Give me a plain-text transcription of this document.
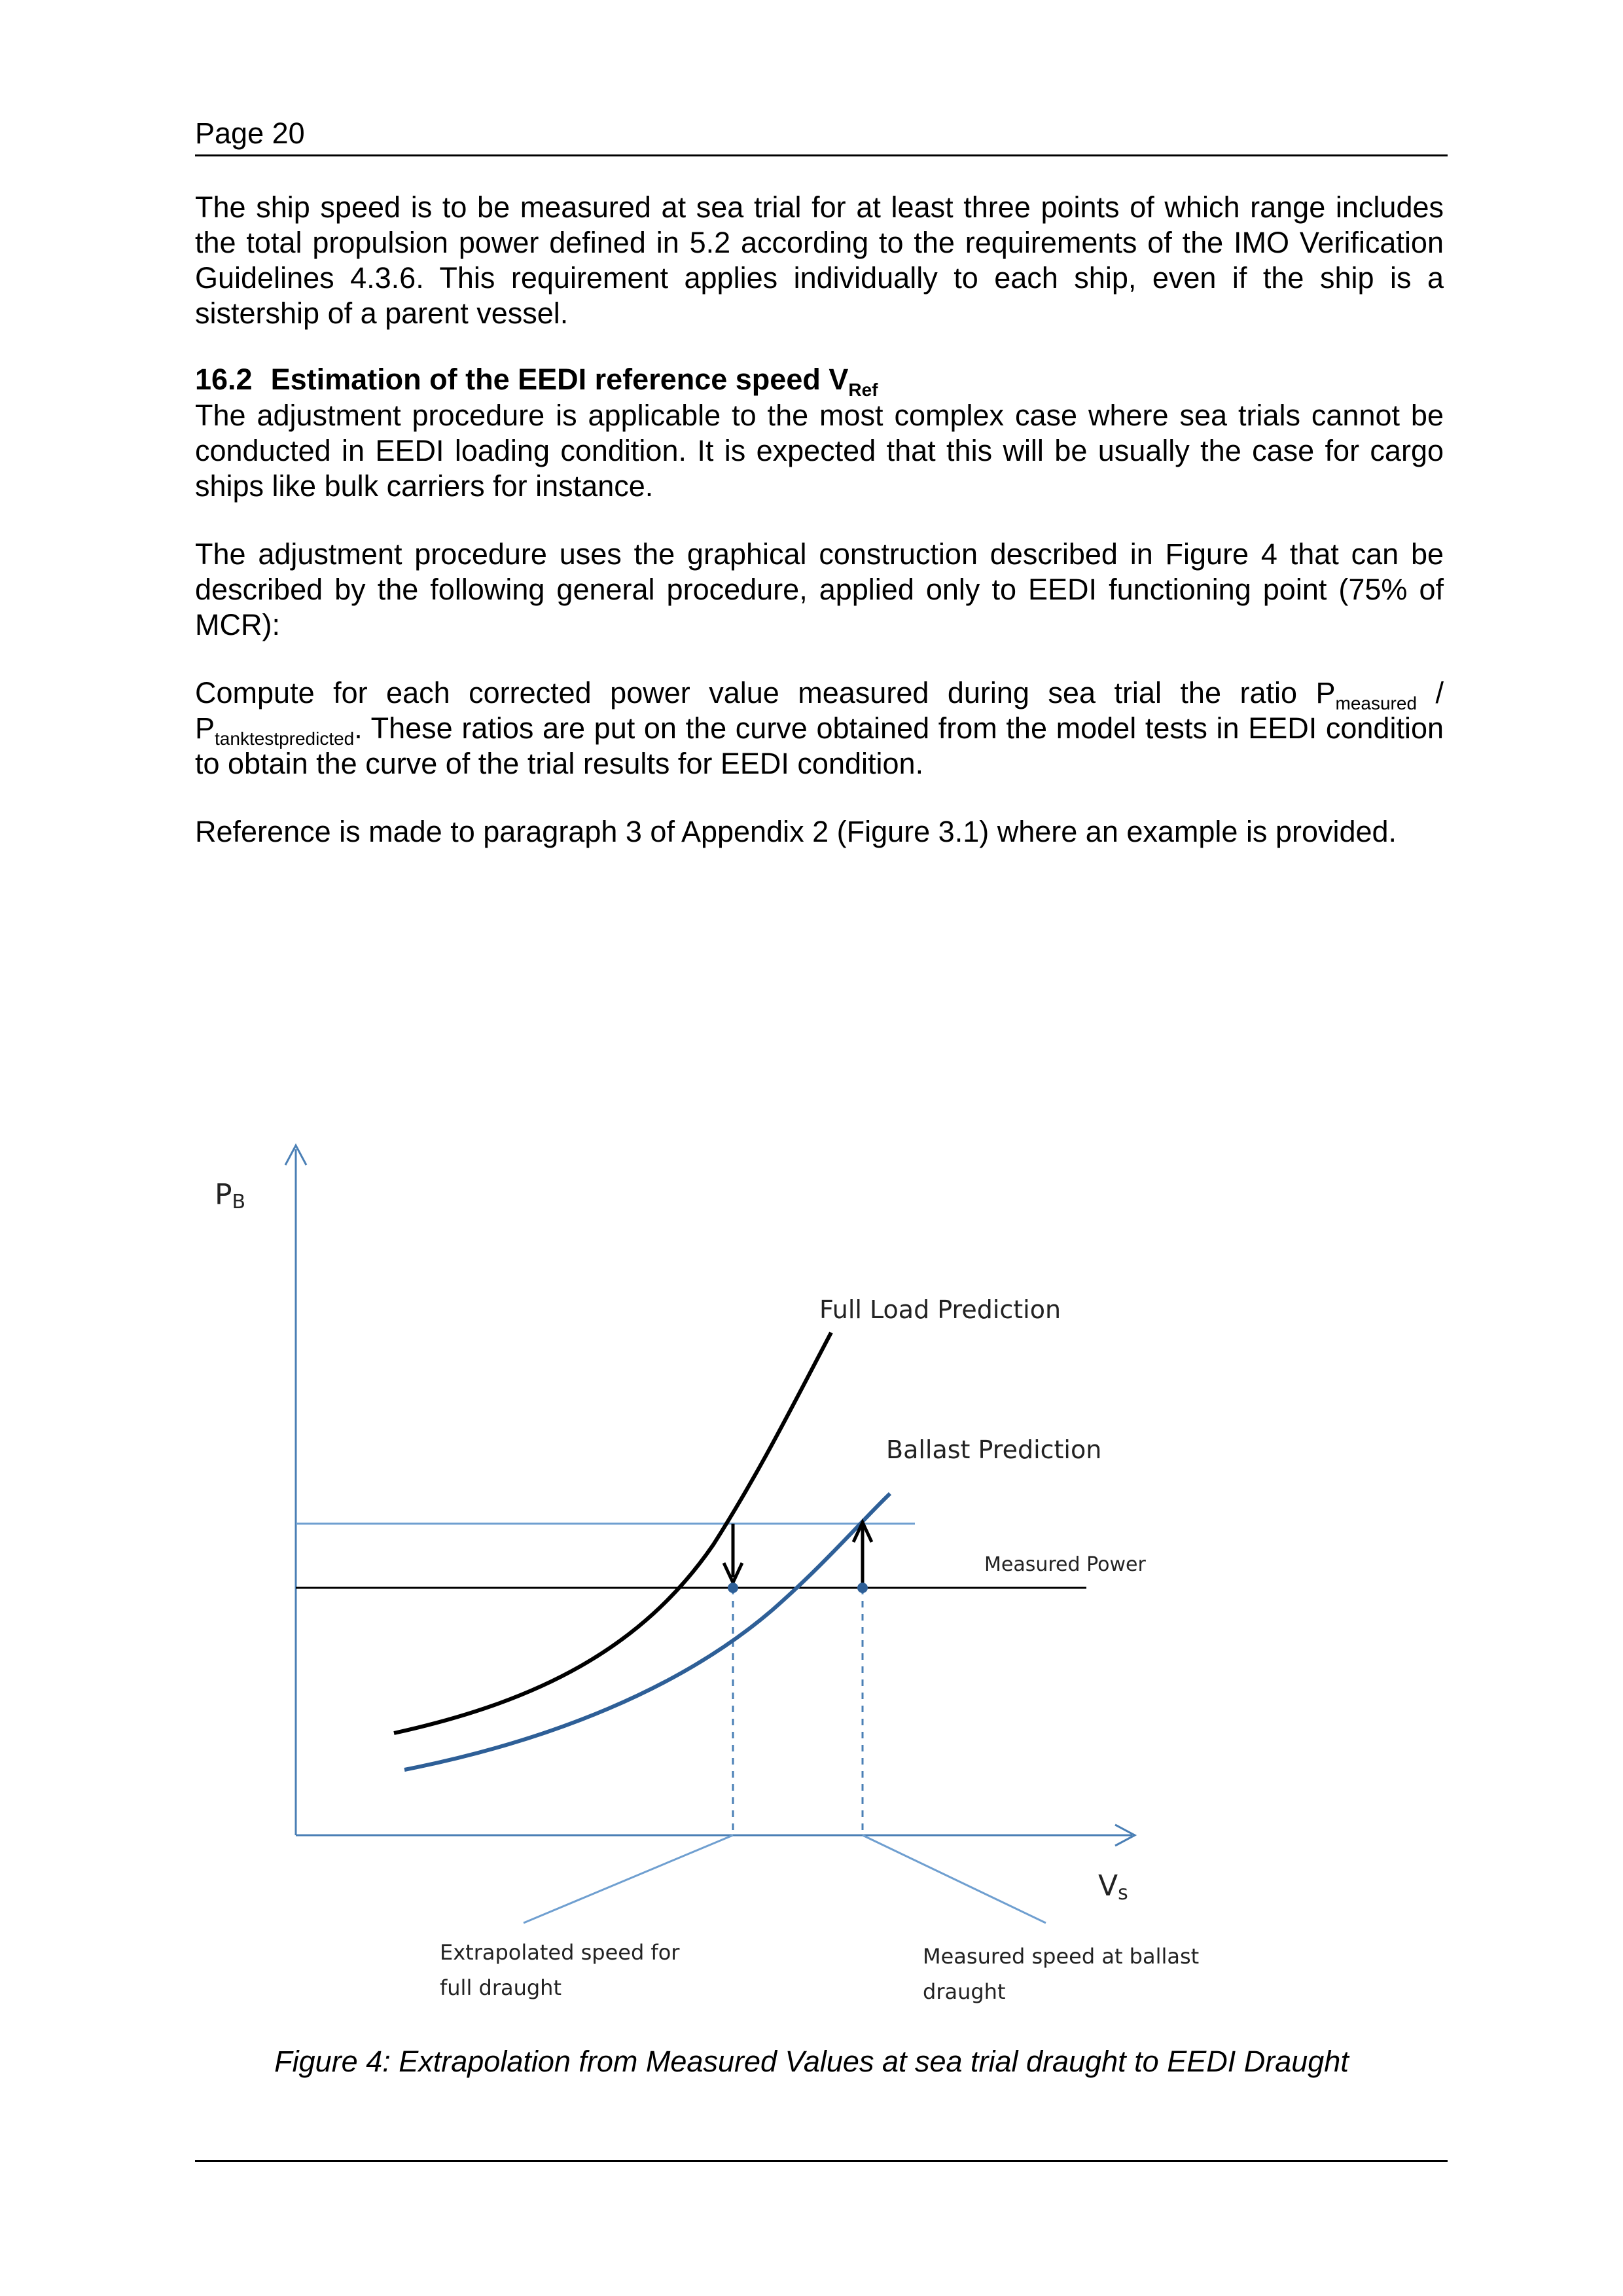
Page 20
The ship speed is to be measured at sea trial for at least three points of which range includes the total propulsion power defined in 5.2 according to the requirements of the IMO Verification Guidelines 4.3.6. This requirement applies individually to each ship, even if the ship is a sistership of a parent vessel.
16.2 Estimation of the EEDI reference speed $V_{Ref}$
The adjustment procedure is applicable to the most complex case where sea trials cannot be conducted in EEDI loading condition. It is expected that this will be usually the case for cargo ships like bulk carriers for instance.
The adjustment procedure uses the graphical construction described in Figure 4 that can be described by the following general procedure, applied only to EEDI functioning point (75% of MCR):
Compute for each corrected power value measured during sea trial the ratio $P_{measured} / P_{tanktestpredicted}$. These ratios are put on the curve obtained from the model tests in EEDI condition to obtain the curve of the trial results for EEDI condition.
Reference is made to paragraph 3 of Appendix 2 (Figure 3.1) where an example is provided.
PB
Vs
Full Load Prediction
Ballast Prediction
Measured Power
Extrapolated speed for full draught
Measured speed at ballast draught
Figure 4: Extrapolation from Measured Values at sea trial draught to EEDI Draught
